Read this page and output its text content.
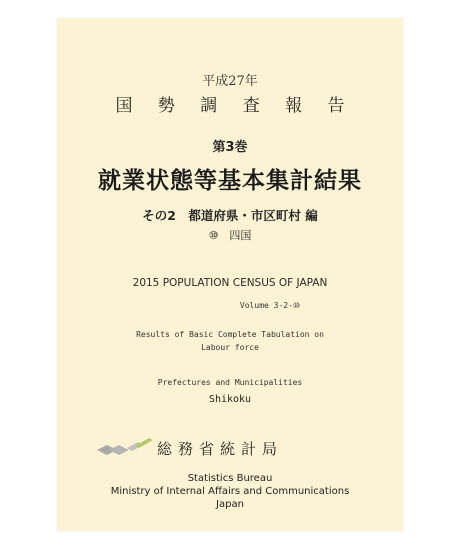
平成27年
国 勢 調 査 報 告
第3巻
就業状態等基本集計結果
その2　都道府県・市区町村 編
⑩　四国
2015 POPULATION CENSUS OF JAPAN
Volume 3-2-⑩
Results of Basic Complete Tabulation on
Labour force
Prefectures and Municipalities
Shikoku
総務省統計局
Statistics Bureau
Ministry of Internal Affairs and Communications
Japan
